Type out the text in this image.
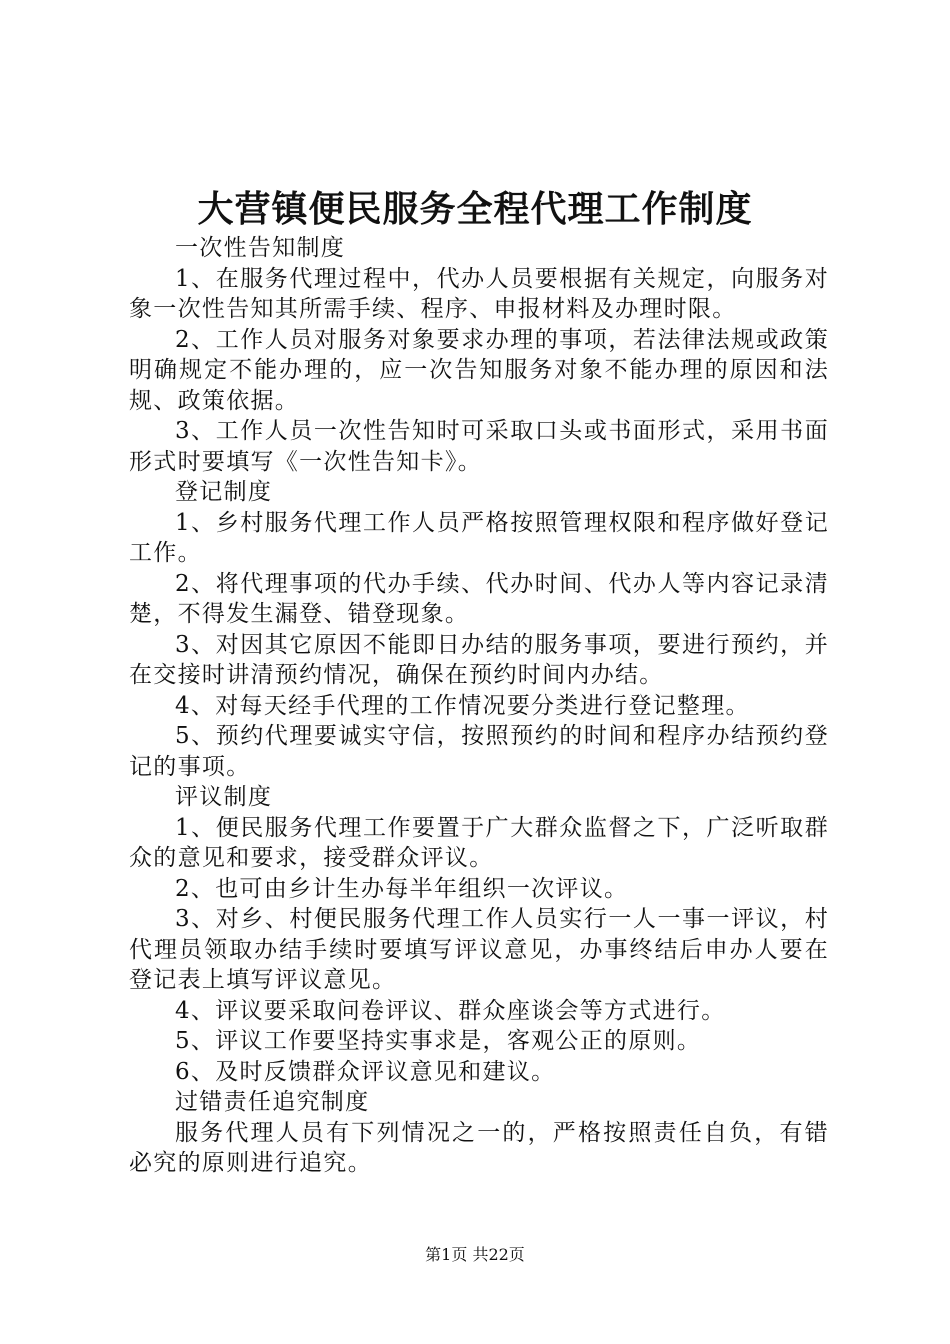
大营镇便民服务全程代理工作制度

一次性告知制度

1、在服务代理过程中，代办人员要根据有关规定，向服务对象一次性告知其所需手续、程序、申报材料及办理时限。

2、工作人员对服务对象要求办理的事项，若法律法规或政策明确规定不能办理的，应一次告知服务对象不能办理的原因和法规、政策依据。

3、工作人员一次性告知时可采取口头或书面形式，采用书面形式时要填写《一次性告知卡》。

登记制度

1、乡村服务代理工作人员严格按照管理权限和程序做好登记工作。

2、将代理事项的代办手续、代办时间、代办人等内容记录清楚，不得发生漏登、错登现象。

3、对因其它原因不能即日办结的服务事项，要进行预约，并在交接时讲清预约情况，确保在预约时间内办结。

4、对每天经手代理的工作情况要分类进行登记整理。

5、预约代理要诚实守信，按照预约的时间和程序办结预约登记的事项。

评议制度

1、便民服务代理工作要置于广大群众监督之下，广泛听取群众的意见和要求，接受群众评议。

2、也可由乡计生办每半年组织一次评议。

3、对乡、村便民服务代理工作人员实行一人一事一评议，村代理员领取办结手续时要填写评议意见，办事终结后申办人要在登记表上填写评议意见。

4、评议要采取问卷评议、群众座谈会等方式进行。

5、评议工作要坚持实事求是，客观公正的原则。

6、及时反馈群众评议意见和建议。

过错责任追究制度

服务代理人员有下列情况之一的，严格按照责任自负，有错必究的原则进行追究。

第1页 共22页
